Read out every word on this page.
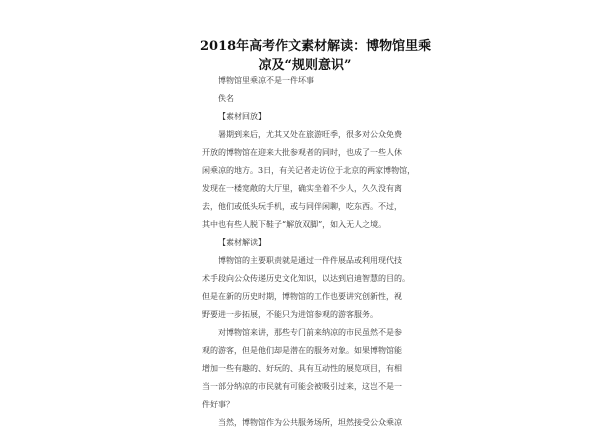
2018年高考作文素材解读：博物馆里乘
凉及“规则意识”
博物馆里乘凉不是一件坏事
佚名
【素材回放】
暑期到来后，尤其又处在旅游旺季，很多对公众免费
开放的博物馆在迎来大批参观者的同时，也成了一些人休
闲乘凉的地方。3日，有关记者走访位于北京的两家博物馆，
发现在一楼宽敞的大厅里，确实坐着不少人，久久没有离
去，他们或低头玩手机，或与同伴闲聊，吃东西。不过，
其中也有些人脱下鞋子“解放双脚”，如入无人之境。
【素材解读】
博物馆的主要职责就是通过一件件展品或利用现代技
术手段向公众传递历史文化知识，以达到启迪智慧的目的。
但是在新的历史时期，博物馆的工作也要讲究创新性，视
野要进一步拓展，不能只为进馆参观的游客服务。
对博物馆来讲，那些专门前来纳凉的市民虽然不是参
观的游客，但是他们却是潜在的服务对象。如果博物馆能
增加一些有趣的、好玩的、具有互动性的展览项目，有相
当一部分纳凉的市民就有可能会被吸引过来，这岂不是一
件好事？
当然，博物馆作为公共服务场所，坦然接受公众乘凉
